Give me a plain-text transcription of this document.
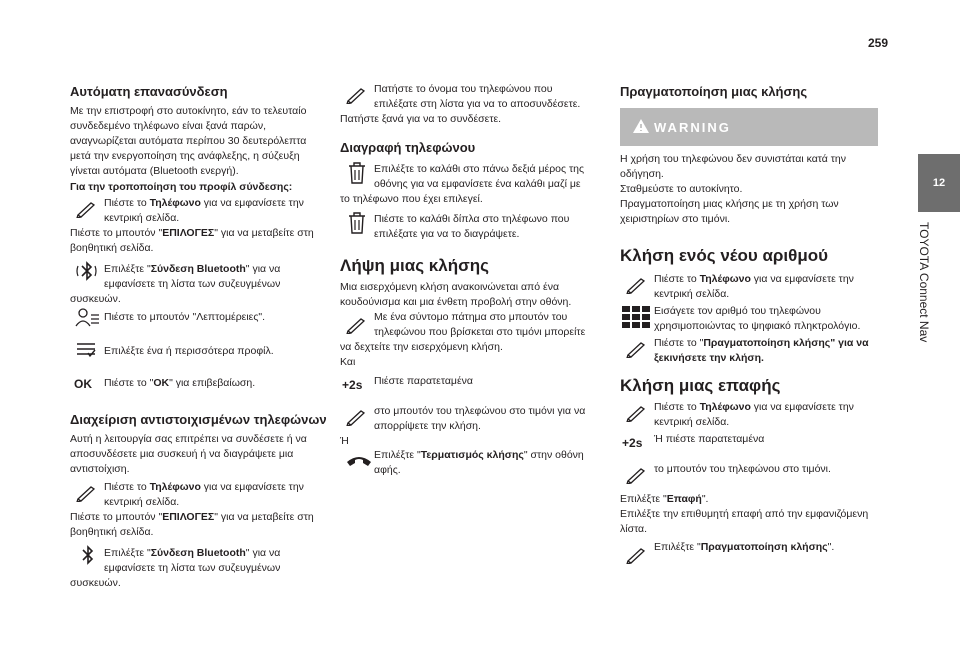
259
12
TOYOTA Connect Nav
Αυτόματη επανασύνδεση
Με την επιστροφή στο αυτοκίνητο, εάν το τελευταίο
συνδεδεμένο τηλέφωνο είναι ξανά παρών,
αναγνωρίζεται αυτόματα περίπου 30 δευτερόλεπτα
μετά την ενεργοποίηση της ανάφλεξης, η σύζευξη
γίνεται αυτόματα (Bluetooth ενεργή).
Για την τροποποίηση του προφίλ σύνδεσης:
Πιέστε το Τηλέφωνο για να εμφανίσετε την
κεντρική σελίδα.
Πιέστε το μπουτόν "ΕΠΙΛΟΓΕΣ" για να μεταβείτε στη
βοηθητική σελίδα.
Επιλέξτε "Σύνδεση Bluetooth" για να
εμφανίσετε τη λίστα των συζευγμένων
συσκευών.
Πιέστε το μπουτόν "Λεπτομέρειες".
Επιλέξτε ένα ή περισσότερα προφίλ.
OK	Πιέστε το "OK" για επιβεβαίωση.
Διαχείριση αντιστοιχισμένων τηλεφώνων
Αυτή η λειτουργία σας επιτρέπει να συνδέσετε ή να
αποσυνδέσετε μια συσκευή ή να διαγράψετε μια
αντιστοίχιση.
Πιέστε το Τηλέφωνο για να εμφανίσετε την
κεντρική σελίδα.
Πιέστε το μπουτόν "ΕΠΙΛΟΓΕΣ" για να μεταβείτε στη
βοηθητική σελίδα.
Επιλέξτε "Σύνδεση Bluetooth" για να
εμφανίσετε τη λίστα των συζευγμένων
συσκευών.
Πατήστε το όνομα του τηλεφώνου που
επιλέξατε στη λίστα για να το αποσυνδέσετε.
Πατήστε ξανά για να το συνδέσετε.
Διαγραφή τηλεφώνου
Επιλέξτε το καλάθι στο πάνω δεξιά μέρος της
οθόνης για να εμφανίσετε ένα καλάθι μαζί με
το τηλέφωνο που έχει επιλεγεί.
Πιέστε το καλάθι δίπλα στο τηλέφωνο που
επιλέξατε για να το διαγράψετε.
Λήψη μιας κλήσης
Μια εισερχόμενη κλήση ανακοινώνεται από ένα
κουδούνισμα και μια ένθετη προβολή στην οθόνη.
Με ένα σύντομο πάτημα στο μπουτόν του
τηλεφώνου που βρίσκεται στο τιμόνι μπορείτε
να δεχτείτε την εισερχόμενη κλήση.
Και
+2s	Πιέστε παρατεταμένα
στο μπουτόν του τηλεφώνου στο τιμόνι για να
απορρίψετε την κλήση.
Ή
Επιλέξτε "Τερματισμός κλήσης" στην οθόνη
αφής.
Πραγματοποίηση μιας κλήσης
WARNING
Η χρήση του τηλεφώνου δεν συνιστάται κατά την
οδήγηση.
Σταθμεύστε το αυτοκίνητο.
Πραγματοποίηση μιας κλήσης με τη χρήση των
χειριστηρίων στο τιμόνι.
Κλήση ενός νέου αριθμού
Πιέστε το Τηλέφωνο για να εμφανίσετε την
κεντρική σελίδα.
Εισάγετε τον αριθμό του τηλεφώνου
χρησιμοποιώντας το ψηφιακό πληκτρολόγιο.
Πιέστε το "Πραγματοποίηση κλήσης" για να
ξεκινήσετε την κλήση.
Κλήση μιας επαφής
Πιέστε το Τηλέφωνο για να εμφανίσετε την
κεντρική σελίδα.
+2s	Ή πιέστε παρατεταμένα
το μπουτόν του τηλεφώνου στο τιμόνι.
Επιλέξτε "Επαφή".
Επιλέξτε την επιθυμητή επαφή από την εμφανιζόμενη
λίστα.
Επιλέξτε "Πραγματοποίηση κλήσης".
